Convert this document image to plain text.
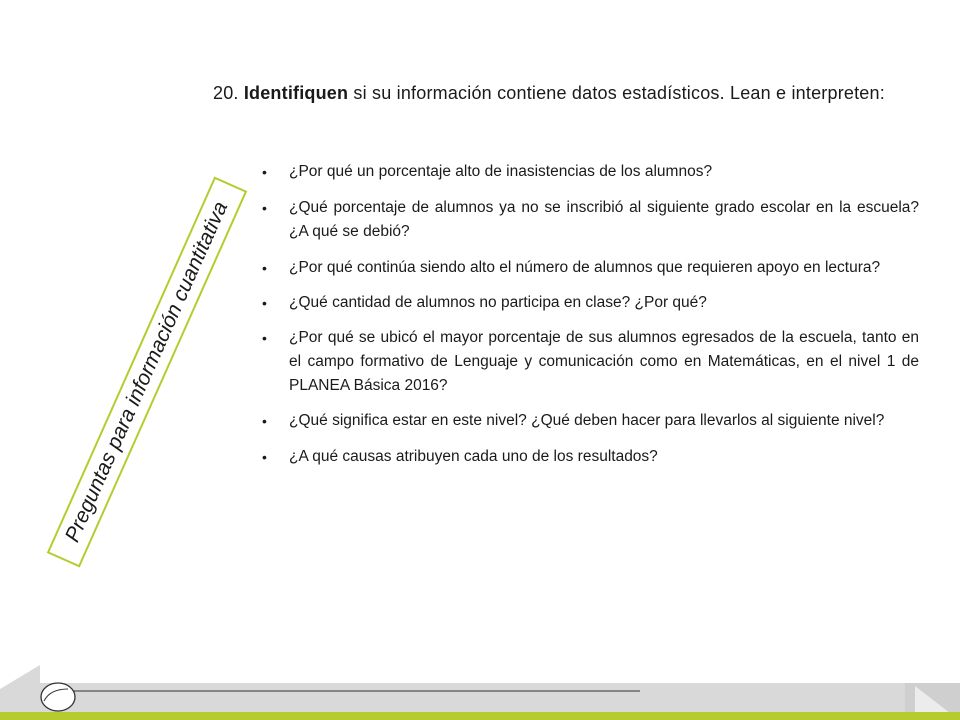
20. Identifiquen si su información contiene datos estadísticos. Lean e interpreten:
Preguntas para información cuantitativa
• ¿Por qué un porcentaje alto de inasistencias de los alumnos?
• ¿Qué porcentaje de alumnos ya no se inscribió al siguiente grado escolar en la escuela? ¿A qué se debió?
• ¿Por qué continúa siendo alto el número de alumnos que requieren apoyo en lectura?
• ¿Qué cantidad de alumnos no participa en clase? ¿Por qué?
• ¿Por qué se ubicó el mayor porcentaje de sus alumnos egresados de la escuela, tanto en el campo formativo de Lenguaje y comunicación como en Matemáticas, en el nivel 1 de PLANEA Básica 2016?
• ¿Qué significa estar en este nivel? ¿Qué deben hacer para llevarlos al siguiente nivel?
• ¿A qué causas atribuyen cada uno de los resultados?
